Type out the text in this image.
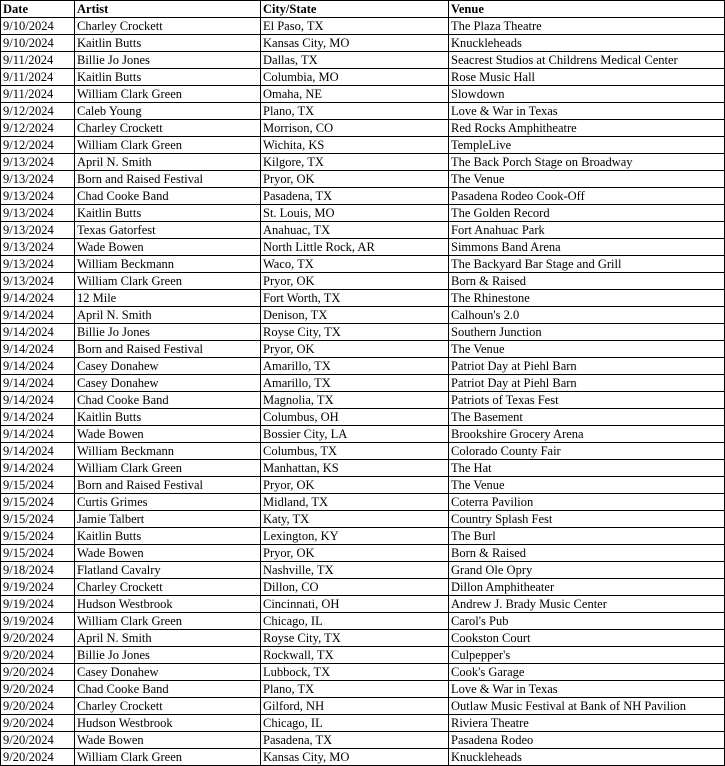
Date	Artist	City/State	Venue
9/10/2024	Charley Crockett	El Paso, TX	The Plaza Theatre
9/10/2024	Kaitlin Butts	Kansas City, MO	Knuckleheads
9/11/2024	Billie Jo Jones	Dallas, TX	Seacrest Studios at Childrens Medical Center
9/11/2024	Kaitlin Butts	Columbia, MO	Rose Music Hall
9/11/2024	William Clark Green	Omaha, NE	Slowdown
9/12/2024	Caleb Young	Plano, TX	Love & War in Texas
9/12/2024	Charley Crockett	Morrison, CO	Red Rocks Amphitheatre
9/12/2024	William Clark Green	Wichita, KS	TempleLive
9/13/2024	April N. Smith	Kilgore, TX	The Back Porch Stage on Broadway
9/13/2024	Born and Raised Festival	Pryor, OK	The Venue
9/13/2024	Chad Cooke Band	Pasadena, TX	Pasadena Rodeo Cook-Off
9/13/2024	Kaitlin Butts	St. Louis, MO	The Golden Record
9/13/2024	Texas Gatorfest	Anahuac, TX	Fort Anahuac Park
9/13/2024	Wade Bowen	North Little Rock, AR	Simmons Band Arena
9/13/2024	William Beckmann	Waco, TX	The Backyard Bar Stage and Grill
9/13/2024	William Clark Green	Pryor, OK	Born & Raised
9/14/2024	12 Mile	Fort Worth, TX	The Rhinestone
9/14/2024	April N. Smith	Denison, TX	Calhoun's 2.0
9/14/2024	Billie Jo Jones	Royse City, TX	Southern Junction
9/14/2024	Born and Raised Festival	Pryor, OK	The Venue
9/14/2024	Casey Donahew	Amarillo, TX	Patriot Day at Piehl Barn
9/14/2024	Casey Donahew	Amarillo, TX	Patriot Day at Piehl Barn
9/14/2024	Chad Cooke Band	Magnolia, TX	Patriots of Texas Fest
9/14/2024	Kaitlin Butts	Columbus, OH	The Basement
9/14/2024	Wade Bowen	Bossier City, LA	Brookshire Grocery Arena
9/14/2024	William Beckmann	Columbus, TX	Colorado County Fair
9/14/2024	William Clark Green	Manhattan, KS	The Hat
9/15/2024	Born and Raised Festival	Pryor, OK	The Venue
9/15/2024	Curtis Grimes	Midland, TX	Coterra Pavilion
9/15/2024	Jamie Talbert	Katy, TX	Country Splash Fest
9/15/2024	Kaitlin Butts	Lexington, KY	The Burl
9/15/2024	Wade Bowen	Pryor, OK	Born & Raised
9/18/2024	Flatland Cavalry	Nashville, TX	Grand Ole Opry
9/19/2024	Charley Crockett	Dillon, CO	Dillon Amphitheater
9/19/2024	Hudson Westbrook	Cincinnati, OH	Andrew J. Brady Music Center
9/19/2024	William Clark Green	Chicago, IL	Carol's Pub
9/20/2024	April N. Smith	Royse City, TX	Cookston Court
9/20/2024	Billie Jo Jones	Rockwall, TX	Culpepper's
9/20/2024	Casey Donahew	Lubbock, TX	Cook's Garage
9/20/2024	Chad Cooke Band	Plano, TX	Love & War in Texas
9/20/2024	Charley Crockett	Gilford, NH	Outlaw Music Festival at Bank of NH Pavilion
9/20/2024	Hudson Westbrook	Chicago, IL	Riviera Theatre
9/20/2024	Wade Bowen	Pasadena, TX	Pasadena Rodeo
9/20/2024	William Clark Green	Kansas City, MO	Knuckleheads
